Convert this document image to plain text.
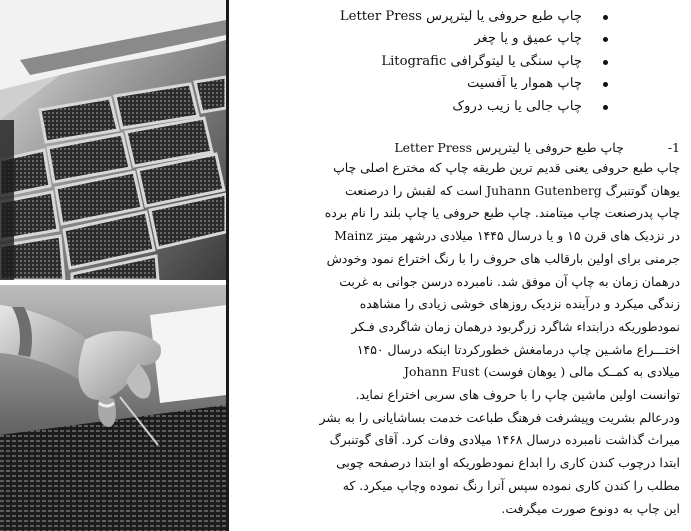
چاپ طبع حروفی یا لیترپرس Letter Press
چاپ عمیق و یا چغر
چاپ سنگی یا لیتوگرافی Litografic
چاپ هموار یا آفسیت
چاپ جالی یا زیب دروک
1-چاپ طبع حروفی یا لیترپرس Letter Press

چاپ طبع حروفی یعنی قدیم ترین طریقه چاپ که مخترع اصلی چاپ
یوهان گوتنبرگ Juhann Gutenberg است که لقبش را درصنعت
چاپ پدرصنعت چاپ میتامند. چاپ طبع حروفی یا چاپ بلند را نام برده
در نزدیک های قرن ۱۵ و یا درسال ۱۴۴۵ میلادی درشهر میتز Mainz
جرمنی برای اولین بارقالب های حروف را با رنگ اختراع نمود وخودش
درهمان زمان به چاپ آن موفق شد. نامبرده درسن جوانی به غربت
زندگی میکرد و درآینده نزدیک روزهای خوشی زیادی را مشاهده
نمودطوریکه درابتداء شاگرد زرگربود درهمان زمان شاگردی فـکر
اختـــراع ماشـین چاپ درمامغش خطورکردتا اینکه درسال ۱۴۵۰
میلادی به کمــک مالی ( یوهان فوست) Johann Fust

توانست اولین ماشین چاپ را با حروف های سربی اختراع نماید.
ودرعالم بشریت وپیشرفت فرهنگ طباعت خدمت بساشایانی را به بشر
میراث گذاشت نامبرده درسال ۱۴۶۸ میلادی وفات کرد. آقای گوتنبرگ
ابتدا درچوب کندن کاری را ابداع نمودطوریکه او ابتدا درصفحه چوبی
مطلب را کندن کاری نموده سپس آنرا رنگ نموده وچاپ میکرد. که
این چاپ به دونوع صورت میگرفت.
